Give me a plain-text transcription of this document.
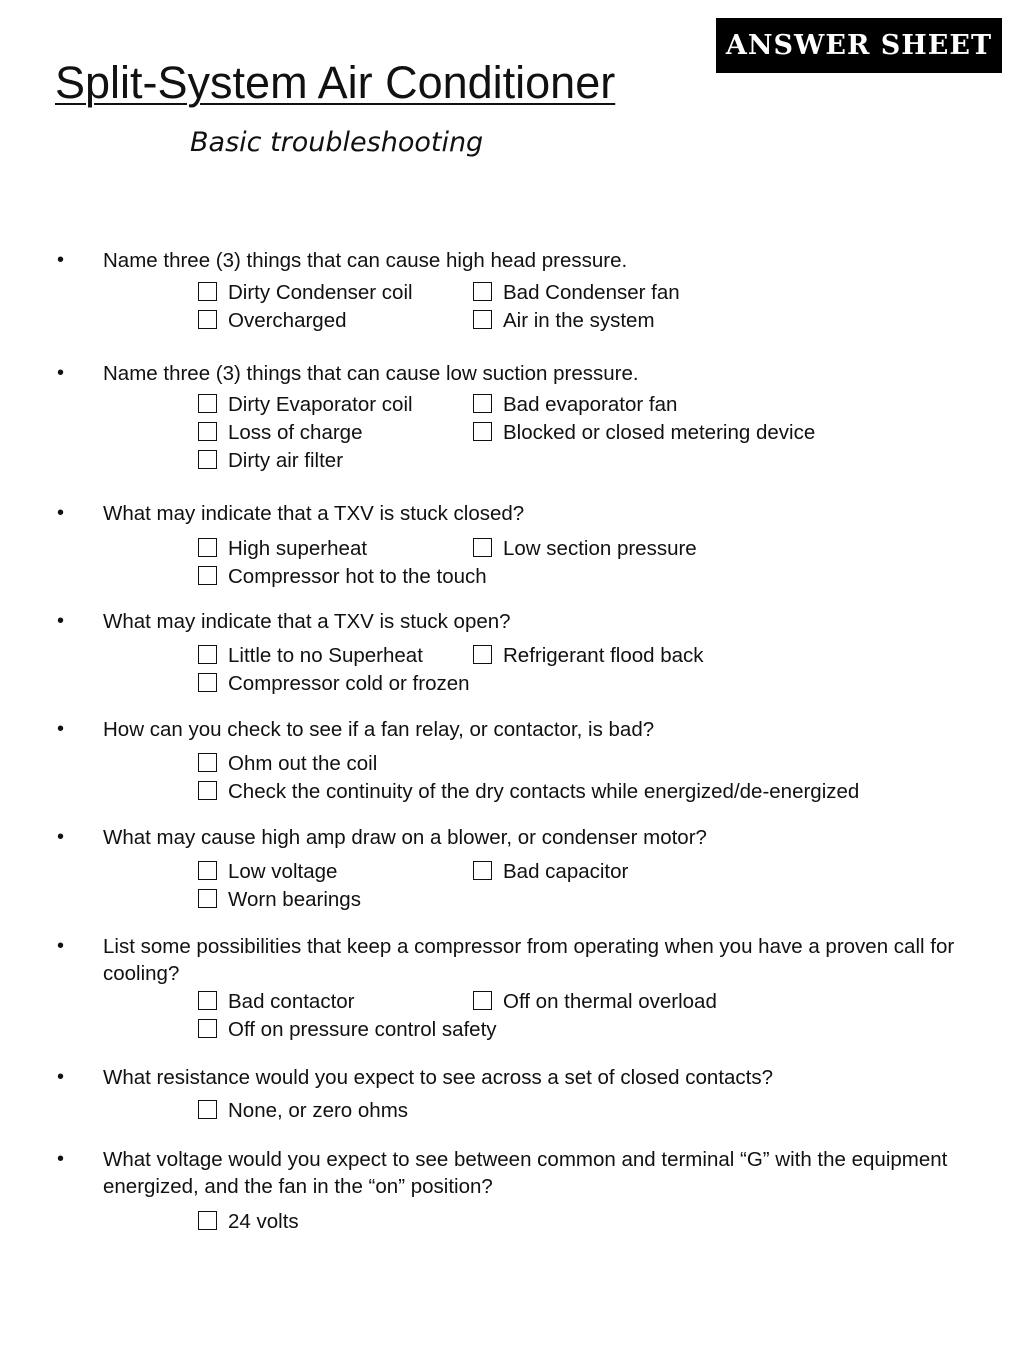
ANSWER SHEET
Split-System Air Conditioner
Basic troubleshooting
• Name three (3) things that can cause high head pressure.
Dirty Condenser coil	Bad Condenser fan
Overcharged	Air in the system
• Name three (3) things that can cause low suction pressure.
Dirty Evaporator coil	Bad evaporator fan
Loss of charge	Blocked or closed metering device
Dirty air filter
• What may indicate that a TXV is stuck closed?
High superheat	Low section pressure
Compressor hot to the touch
• What may indicate that a TXV is stuck open?
Little to no Superheat	Refrigerant flood back
Compressor cold or frozen
• How can you check to see if a fan relay, or contactor, is bad?
Ohm out the coil
Check the continuity of the dry contacts while energized/de-energized
• What may cause high amp draw on a blower, or condenser motor?
Low voltage	Bad capacitor
Worn bearings
• List some possibilities that keep a compressor from operating when you have a proven call for cooling?
Bad contactor	Off on thermal overload
Off on pressure control safety
• What resistance would you expect to see across a set of closed contacts?
None, or zero ohms
• What voltage would you expect to see between common and terminal “G” with the equipment energized, and the fan in the “on” position?
24 volts
